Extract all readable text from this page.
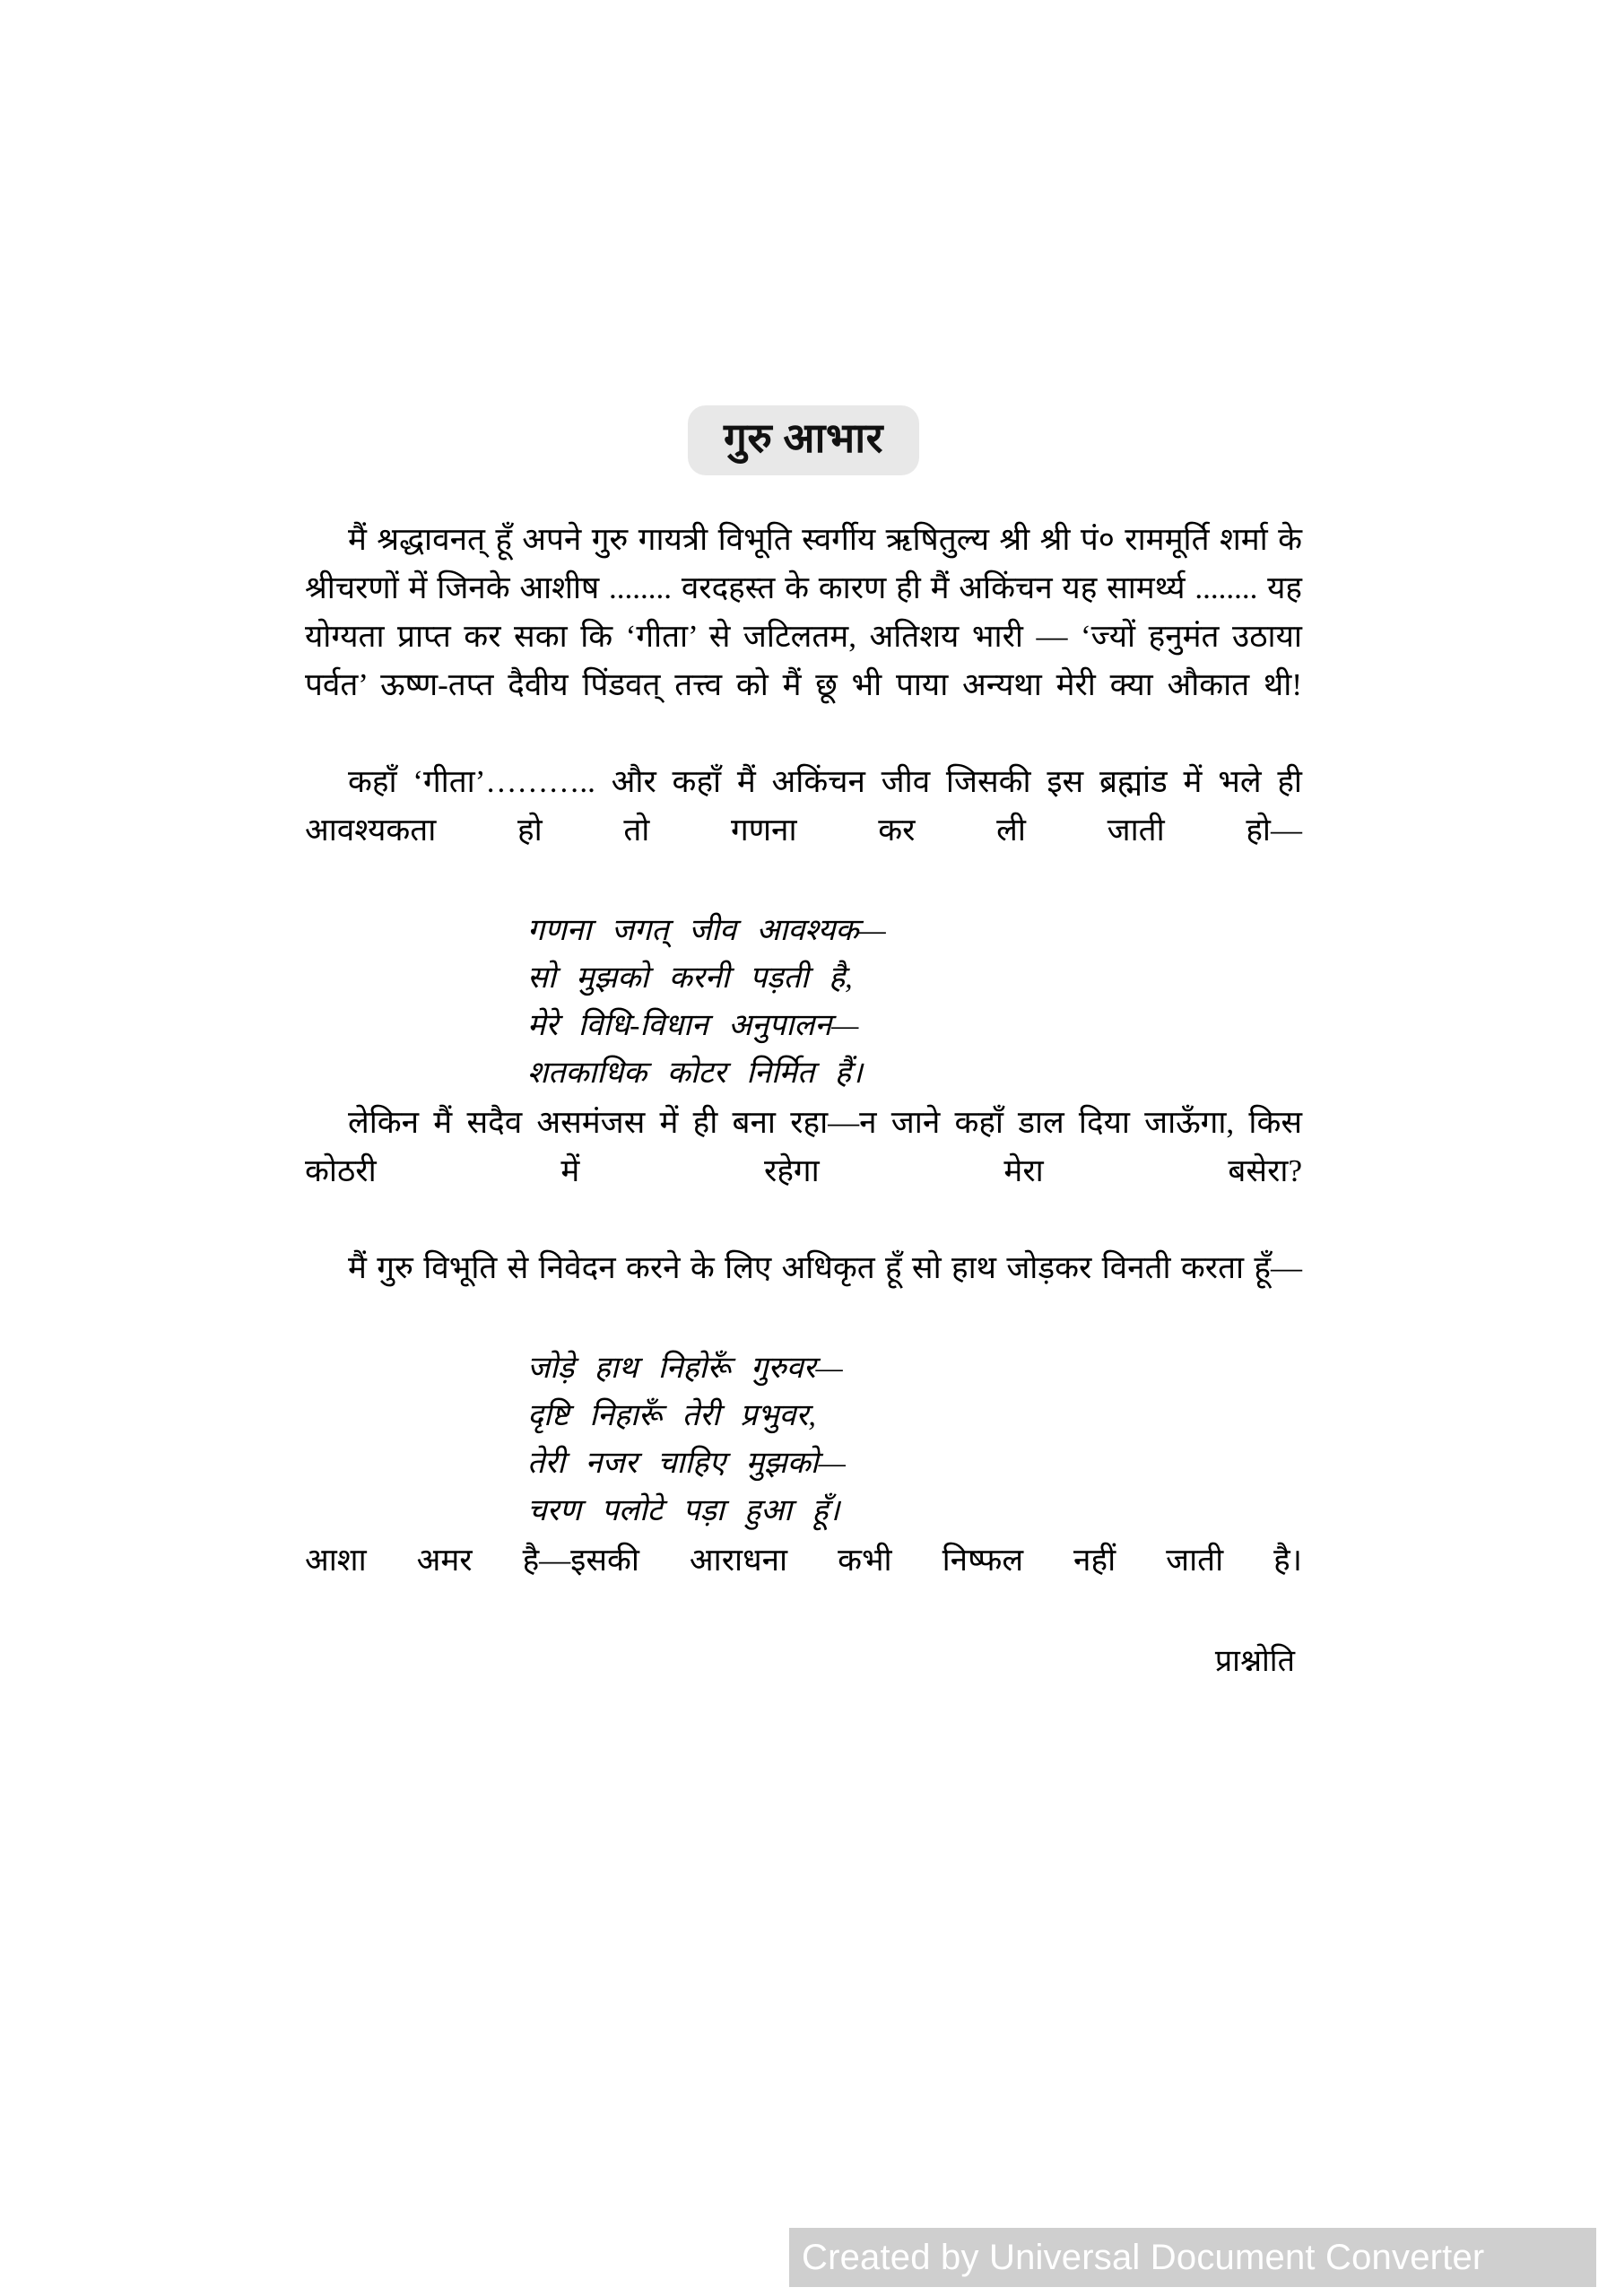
गुरु आभार

मैं श्रद्धावनत् हूँ अपने गुरु गायत्री विभूति स्वर्गीय ऋषितुल्य श्री श्री पं० राममूर्ति शर्मा के श्रीचरणों में जिनके आशीष ........ वरदहस्त के कारण ही मैं अकिंचन यह सामर्थ्य ........ यह योग्यता प्राप्त कर सका कि ‘गीता’ से जटिलतम, अतिशय भारी — ‘ज्यों हनुमंत उठाया पर्वत’ ऊष्ण-तप्त दैवीय पिंडवत् तत्त्व को मैं छू भी पाया अन्यथा मेरी क्या औकात थी!

कहाँ ‘गीता’……….. और कहाँ मैं अकिंचन जीव जिसकी इस ब्रह्मांड में भले ही आवश्यकता हो तो गणना कर ली जाती हो—

गणना जगत् जीव आवश्यक—
सो मुझको करनी पड़ती है,
मेरे विधि-विधान अनुपालन—
शतकाधिक कोटर निर्मित हैं।

लेकिन मैं सदैव असमंजस में ही बना रहा—न जाने कहाँ डाल दिया जाऊँगा, किस कोठरी में रहेगा मेरा बसेरा?

मैं गुरु विभूति से निवेदन करने के लिए अधिकृत हूँ सो हाथ जोड़कर विनती करता हूँ—

जोड़े हाथ निहोरूँ गुरुवर—
दृष्टि निहारूँ तेरी प्रभुवर,
तेरी नजर चाहिए मुझको—
चरण पलोटे पड़ा हुआ हूँ।

आशा अमर है—इसकी आराधना कभी निष्फल नहीं जाती है।

प्राश्नोति
Created by Universal Document Converter
